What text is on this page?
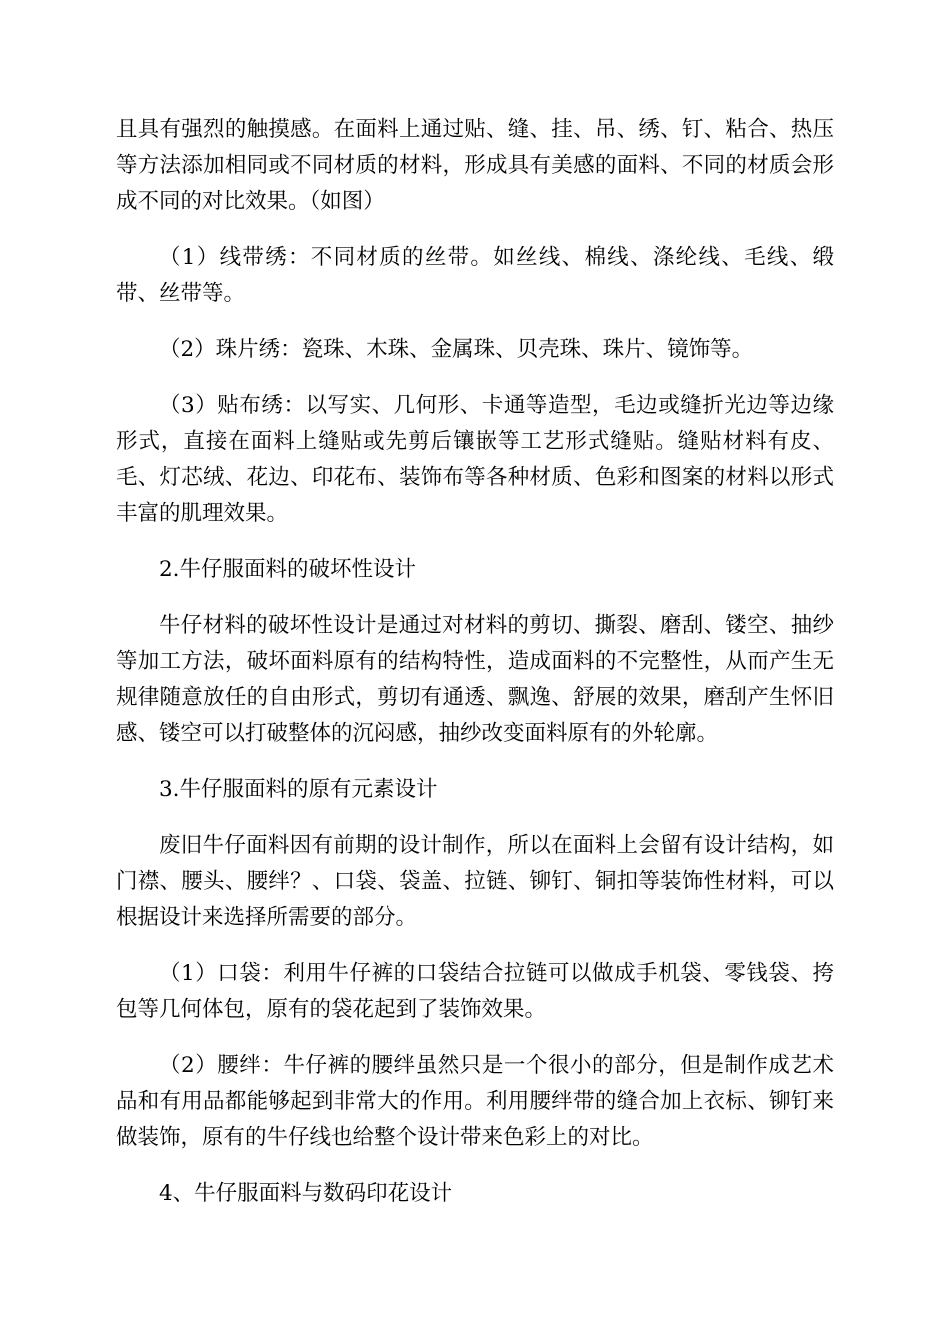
且具有强烈的触摸感。在面料上通过贴、缝、挂、吊、绣、钉、粘合、热压等方法添加相同或不同材质的材料，形成具有美感的面料、不同的材质会形成不同的对比效果。（如图）

（1）线带绣：不同材质的丝带。如丝线、棉线、涤纶线、毛线、缎带、丝带等。

（2）珠片绣：瓷珠、木珠、金属珠、贝壳珠、珠片、镜饰等。

（3）贴布绣：以写实、几何形、卡通等造型，毛边或缝折光边等边缘形式，直接在面料上缝贴或先剪后镶嵌等工艺形式缝贴。缝贴材料有皮、毛、灯芯绒、花边、印花布、装饰布等各种材质、色彩和图案的材料以形式丰富的肌理效果。

2.牛仔服面料的破坏性设计

牛仔材料的破坏性设计是通过对材料的剪切、撕裂、磨刮、镂空、抽纱等加工方法，破坏面料原有的结构特性，造成面料的不完整性，从而产生无规律随意放任的自由形式，剪切有通透、飘逸、舒展的效果，磨刮产生怀旧感、镂空可以打破整体的沉闷感，抽纱改变面料原有的外轮廓。

3.牛仔服面料的原有元素设计

废旧牛仔面料因有前期的设计制作，所以在面料上会留有设计结构，如门襟、腰头、腰绊？、口袋、袋盖、拉链、铆钉、铜扣等装饰性材料，可以根据设计来选择所需要的部分。

（1）口袋：利用牛仔裤的口袋结合拉链可以做成手机袋、零钱袋、挎包等几何体包，原有的袋花起到了装饰效果。

（2）腰绊：牛仔裤的腰绊虽然只是一个很小的部分，但是制作成艺术品和有用品都能够起到非常大的作用。利用腰绊带的缝合加上衣标、铆钉来做装饰，原有的牛仔线也给整个设计带来色彩上的对比。

4、牛仔服面料与数码印花设计
